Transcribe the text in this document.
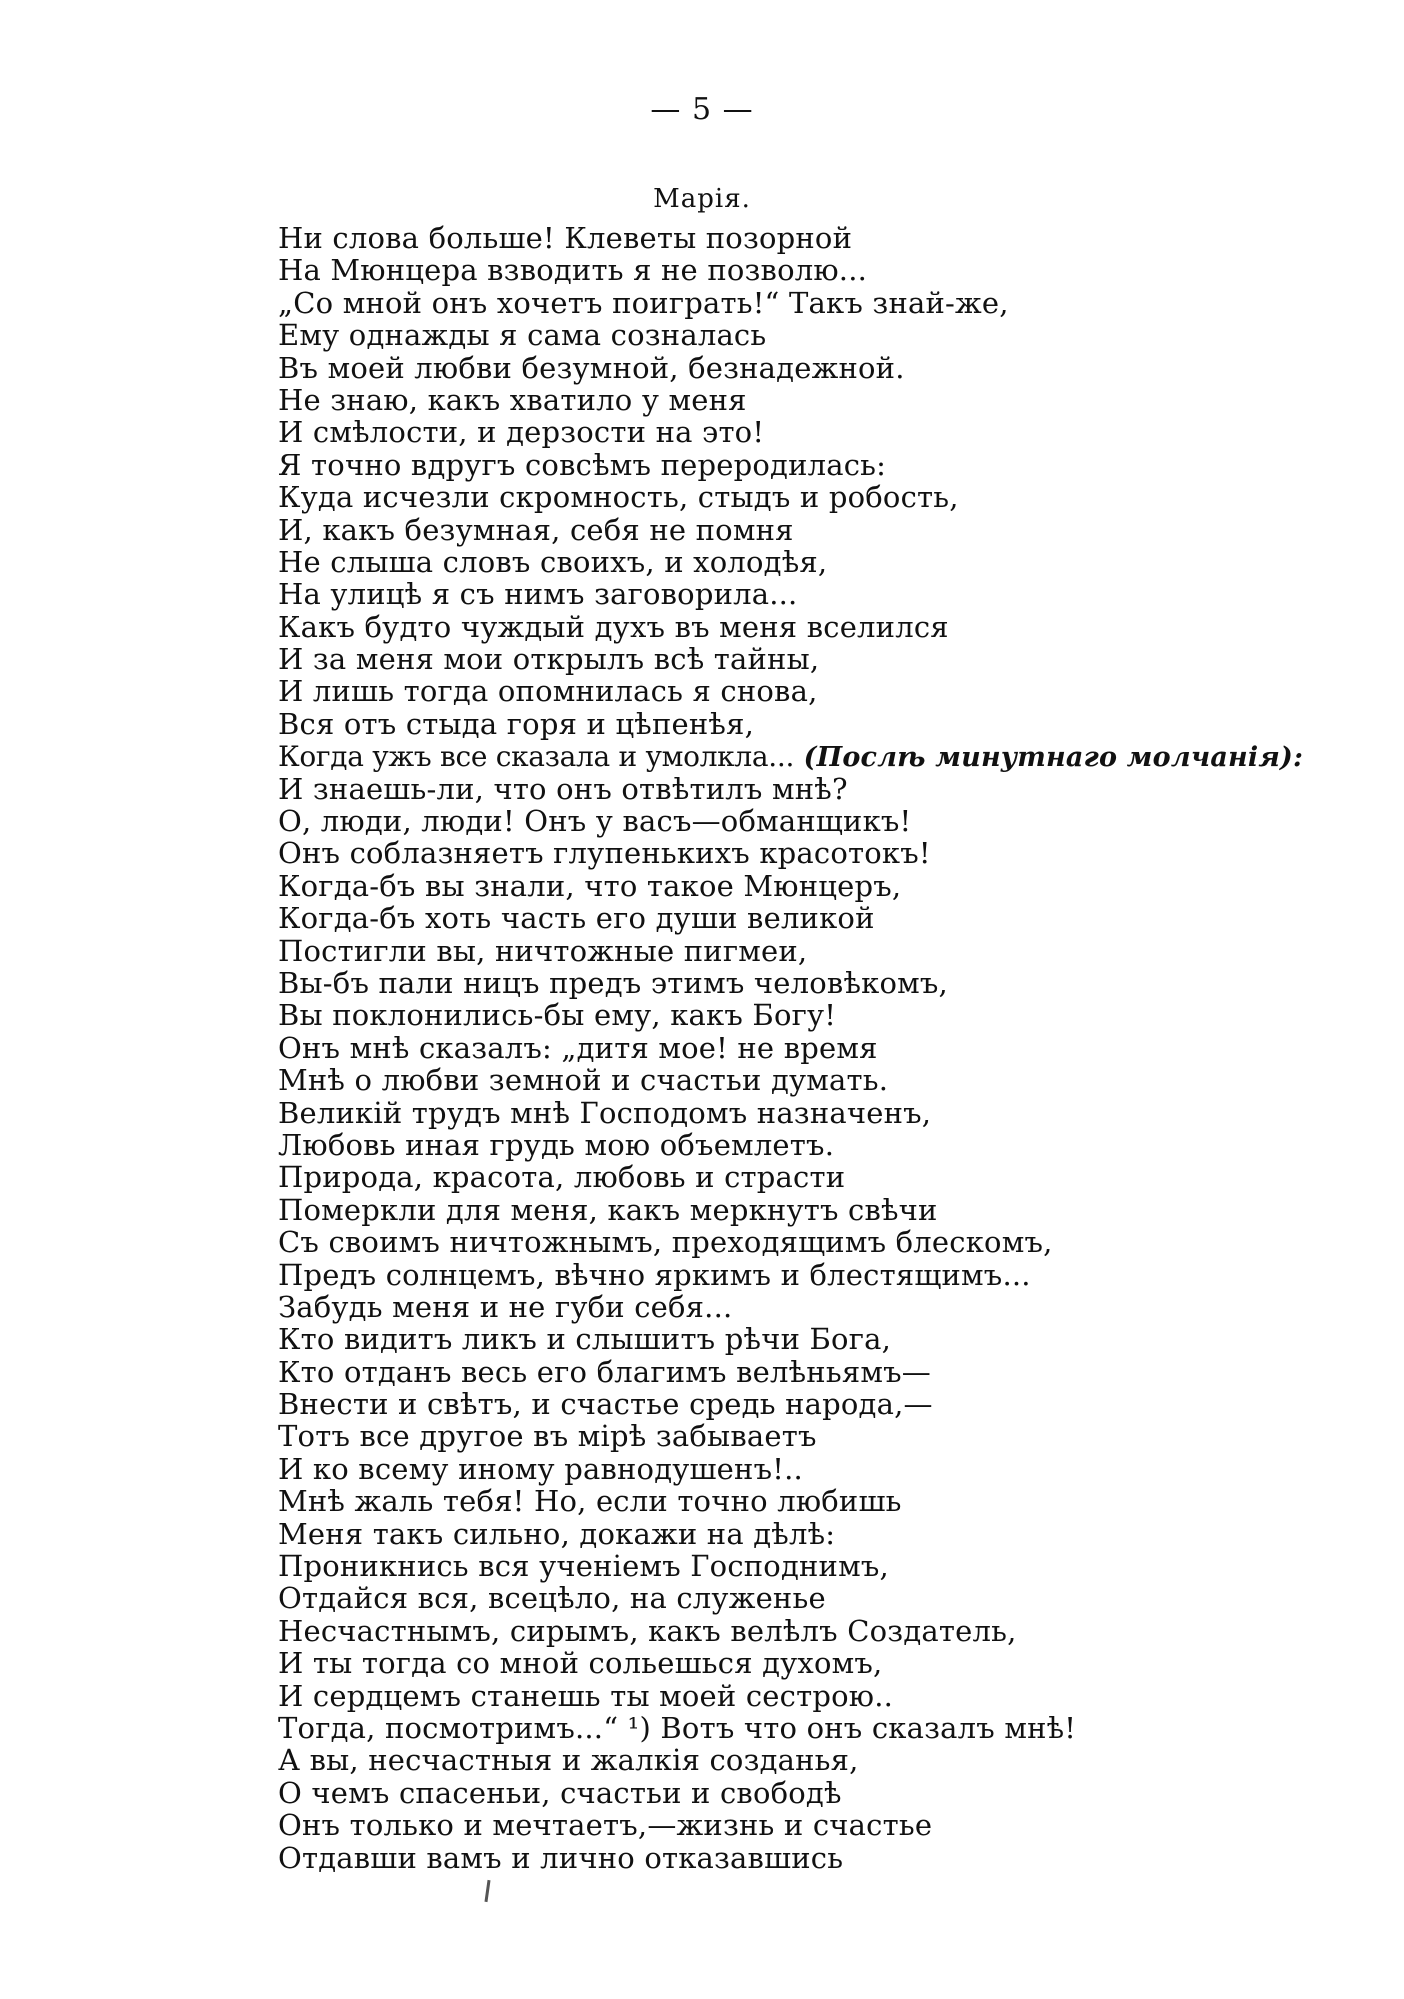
— 5 —
Марія.
Ни слова больше! Клеветы позорной
На Мюнцера взводить я не позволю...
„Со мной онъ хочетъ поиграть!“ Такъ знай-же,
Ему однажды я сама созналась
Въ моей любви безумной, безнадежной.
Не знаю, какъ хватило у меня
И смѣлости, и дерзости на это!
Я точно вдругъ совсѣмъ переродилась:
Куда исчезли скромность, стыдъ и робость,
И, какъ безумная, себя не помня
Не слыша словъ своихъ, и холодѣя,
На улицѣ я съ нимъ заговорила...
Какъ будто чуждый духъ въ меня вселился
И за меня мои открылъ всѣ тайны,
И лишь тогда опомнилась я снова,
Вся отъ стыда горя и цѣпенѣя,
Когда ужъ все сказала и умолкла... (Послѣ минутнаго молчанія):
И знаешь-ли, что онъ отвѣтилъ мнѣ?
О, люди, люди! Онъ у васъ—обманщикъ!
Онъ соблазняетъ глупенькихъ красотокъ!
Когда-бъ вы знали, что такое Мюнцеръ,
Когда-бъ хоть часть его души великой
Постигли вы, ничтожные пигмеи,
Вы-бъ пали ницъ предъ этимъ человѣкомъ,
Вы поклонились-бы ему, какъ Богу!
Онъ мнѣ сказалъ: „дитя мое! не время
Мнѣ о любви земной и счастьи думать.
Великій трудъ мнѣ Господомъ назначенъ,
Любовь иная грудь мою объемлетъ.
Природа, красота, любовь и страсти
Померкли для меня, какъ меркнутъ свѣчи
Съ своимъ ничтожнымъ, преходящимъ блескомъ,
Предъ солнцемъ, вѣчно яркимъ и блестящимъ...
Забудь меня и не губи себя...
Кто видитъ ликъ и слышитъ рѣчи Бога,
Кто отданъ весь его благимъ велѣньямъ—
Внести и свѣтъ, и счастье средь народа,—
Тотъ все другое въ мірѣ забываетъ
И ко всему иному равнодушенъ!..
Мнѣ жаль тебя! Но, если точно любишь
Меня такъ сильно, докажи на дѣлѣ:
Проникнись вся ученіемъ Господнимъ,
Отдайся вся, всецѣло, на служенье
Несчастнымъ, сирымъ, какъ велѣлъ Создатель,
И ты тогда со мной сольешься духомъ,
И сердцемъ станешь ты моей сестрою..
Тогда, посмотримъ...“ ¹) Вотъ что онъ сказалъ мнѣ!
А вы, несчастныя и жалкія созданья,
О чемъ спасеньи, счастьи и свободѣ
Онъ только и мечтаетъ,—жизнь и счастье
Отдавши вамъ и лично отказавшись
